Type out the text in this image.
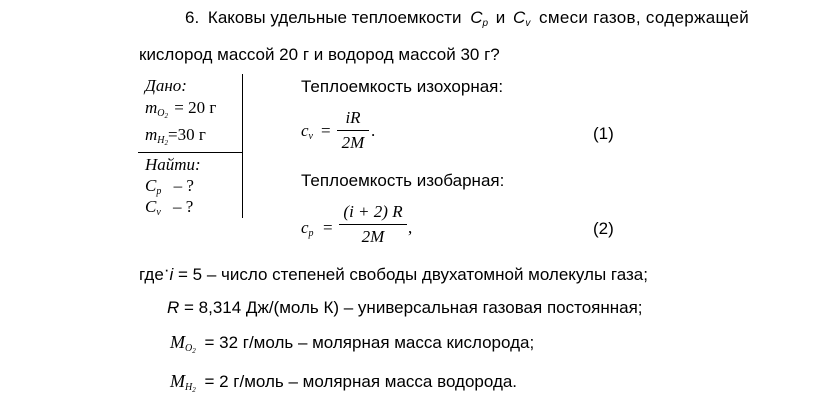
6. Каковы удельные теплоемкости $C_p$ и $C_v$ смеси газов, содержащей
кислород массой 20 г и водород массой 30 г?
Дано:
$m_{O_2} = 20$ г
$m_{H_2}=30$ г
Найти:
$C_p$ – ?
$C_v$ – ?
Теплоемкость изохорная:
$c_v$ =
iR
2M
.	(1)
Теплоемкость изобарная:
$c_p$ =
(i + 2) R
2M	,	(2)
где·i = 5 – число степеней свободы двухатомной молекулы газа;
R = 8,314 Дж/(моль К) – универсальная газовая постоянная;
$M_{O_2} = 32$ г/моль – молярная масса кислорода;
$M_{H_2} = 2$ г/моль – молярная масса водорода.
